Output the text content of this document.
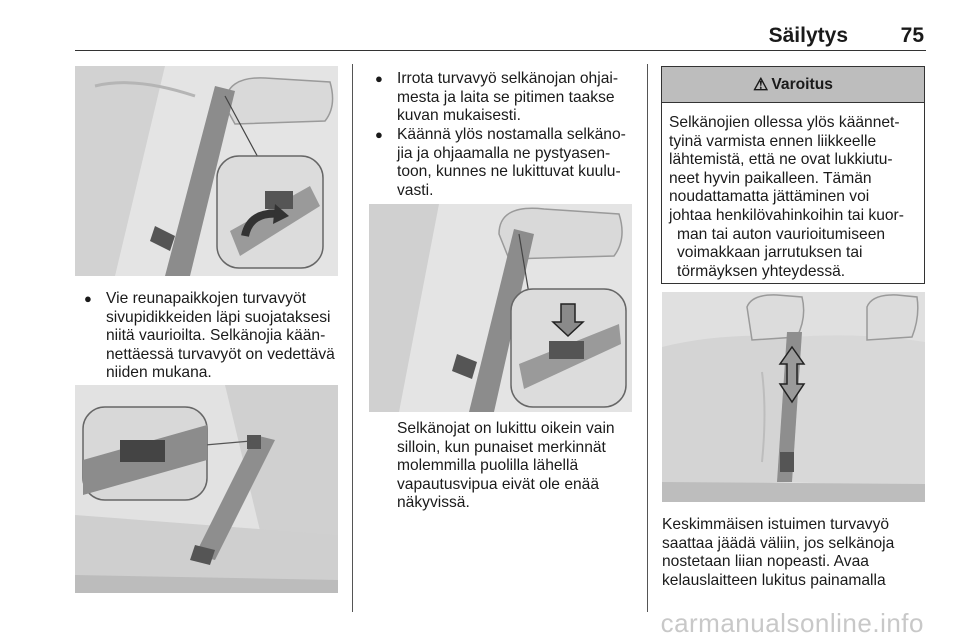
Säilytys	75
● Vie reunapaikkojen turvavyöt
sivupidikkeiden läpi suojataksesi
niitä vaurioilta. Selkänojia kään-
nettäessä turvavyöt on vedettävä
niiden mukana.
● Irrota turvavyö selkänojan ohjai-
mesta ja laita se pitimen taakse
kuvan mukaisesti.
● Käännä ylös nostamalla selkäno-
jia ja ohjaamalla ne pystyasen-
toon, kunnes ne lukittuvat kuulu-
vasti.
Selkänojat on lukittu oikein vain
silloin, kun punaiset merkinnät
molemmilla puolilla lähellä
vapautusvipua eivät ole enää
näkyvissä.
⚠ Varoitus
Selkänojien ollessa ylös käännet-
tyinä varmista ennen liikkeelle
lähtemistä, että ne ovat lukkiutu-
neet hyvin paikalleen. Tämän
noudattamatta jättäminen voi
johtaa henkilövahinkoihin tai kuor-
man tai auton vaurioitumiseen
voimakkaan jarrutuksen tai
törmäyksen yhteydessä.
Keskimmäisen istuimen turvavyö
saattaa jäädä väliin, jos selkänoja
nostetaan liian nopeasti. Avaa
kelauslaitteen lukitus painamalla
carmanualsonline.info
